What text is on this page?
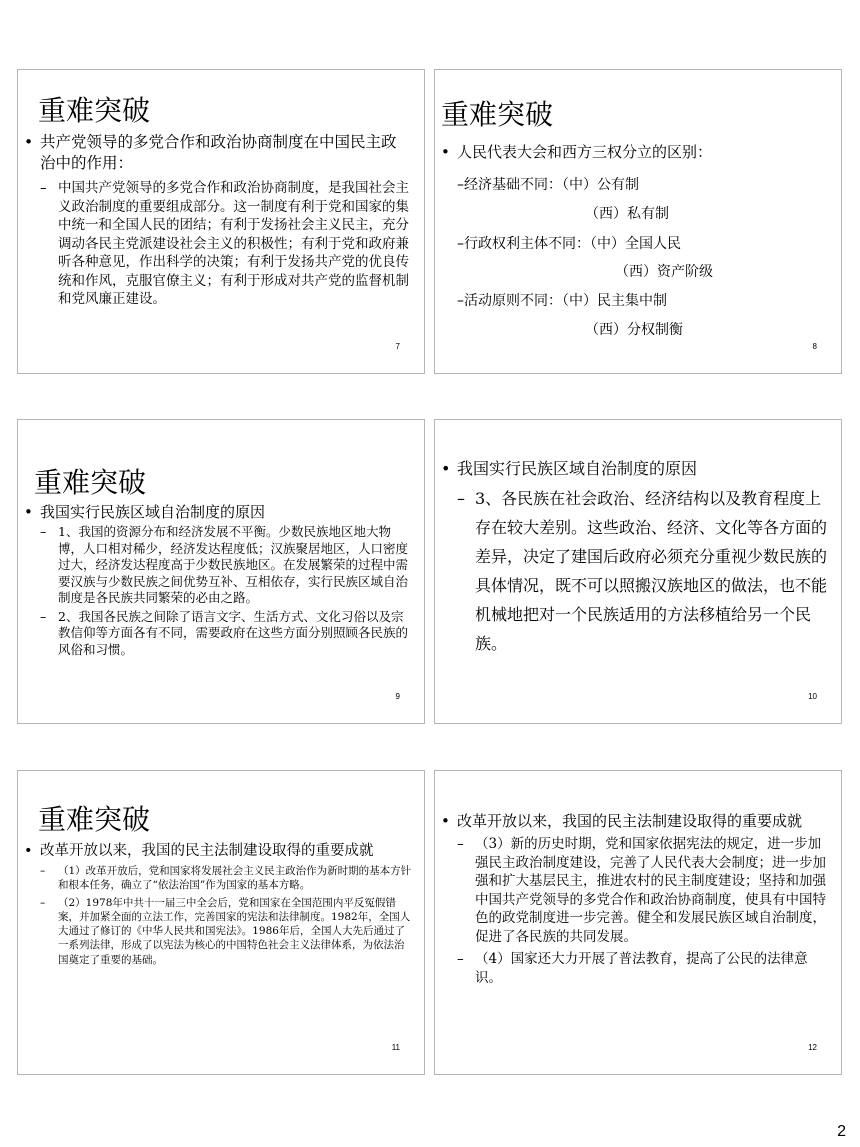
重难突破
• 共产党领导的多党合作和政治协商制度在中国民主政治中的作用：
– 中国共产党领导的多党合作和政治协商制度，是我国社会主义政治制度的重要组成部分。这一制度有利于党和国家的集中统一和全国人民的团结；有利于发扬社会主义民主，充分调动各民主党派建设社会主义的积极性；有利于党和政府兼听各种意见，作出科学的决策；有利于发扬共产党的优良传统和作风，克服官僚主义；有利于形成对共产党的监督机制和党风廉正建设。
7
重难突破
• 人民代表大会和西方三权分立的区别：
–经济基础不同：（中）公有制
（西）私有制
–行政权利主体不同：（中）全国人民
（西）资产阶级
–活动原则不同：（中）民主集中制
（西）分权制衡
8
重难突破
• 我国实行民族区域自治制度的原因
– 1、我国的资源分布和经济发展不平衡。少数民族地区地大物博，人口相对稀少，经济发达程度低；汉族聚居地区，人口密度过大，经济发达程度高于少数民族地区。在发展繁荣的过程中需要汉族与少数民族之间优势互补、互相依存，实行民族区域自治制度是各民族共同繁荣的必由之路。
– 2、我国各民族之间除了语言文字、生活方式、文化习俗以及宗教信仰等方面各有不同，需要政府在这些方面分别照顾各民族的风俗和习惯。
9
• 我国实行民族区域自治制度的原因
– 3、各民族在社会政治、经济结构以及教育程度上存在较大差别。这些政治、经济、文化等各方面的差异，决定了建国后政府必须充分重视少数民族的具体情况，既不可以照搬汉族地区的做法，也不能机械地把对一个民族适用的方法移植给另一个民族。
10
重难突破
• 改革开放以来，我国的民主法制建设取得的重要成就
– （1）改革开放后，党和国家将发展社会主义民主政治作为新时期的基本方针和根本任务，确立了“依法治国”作为国家的基本方略。
– （2）1978年中共十一届三中全会后，党和国家在全国范围内平反冤假错案，并加紧全面的立法工作，完善国家的宪法和法律制度。1982年，全国人大通过了修订的《中华人民共和国宪法》。1986年后，全国人大先后通过了一系列法律，形成了以宪法为核心的中国特色社会主义法律体系，为依法治国奠定了重要的基础。
11
• 改革开放以来，我国的民主法制建设取得的重要成就
– （3）新的历史时期，党和国家依据宪法的规定，进一步加强民主政治制度建设，完善了人民代表大会制度；进一步加强和扩大基层民主，推进农村的民主制度建设；坚持和加强中国共产党领导的多党合作和政治协商制度，使具有中国特色的政党制度进一步完善。健全和发展民族区域自治制度，促进了各民族的共同发展。
– （4）国家还大力开展了普法教育，提高了公民的法律意识。
12
2
